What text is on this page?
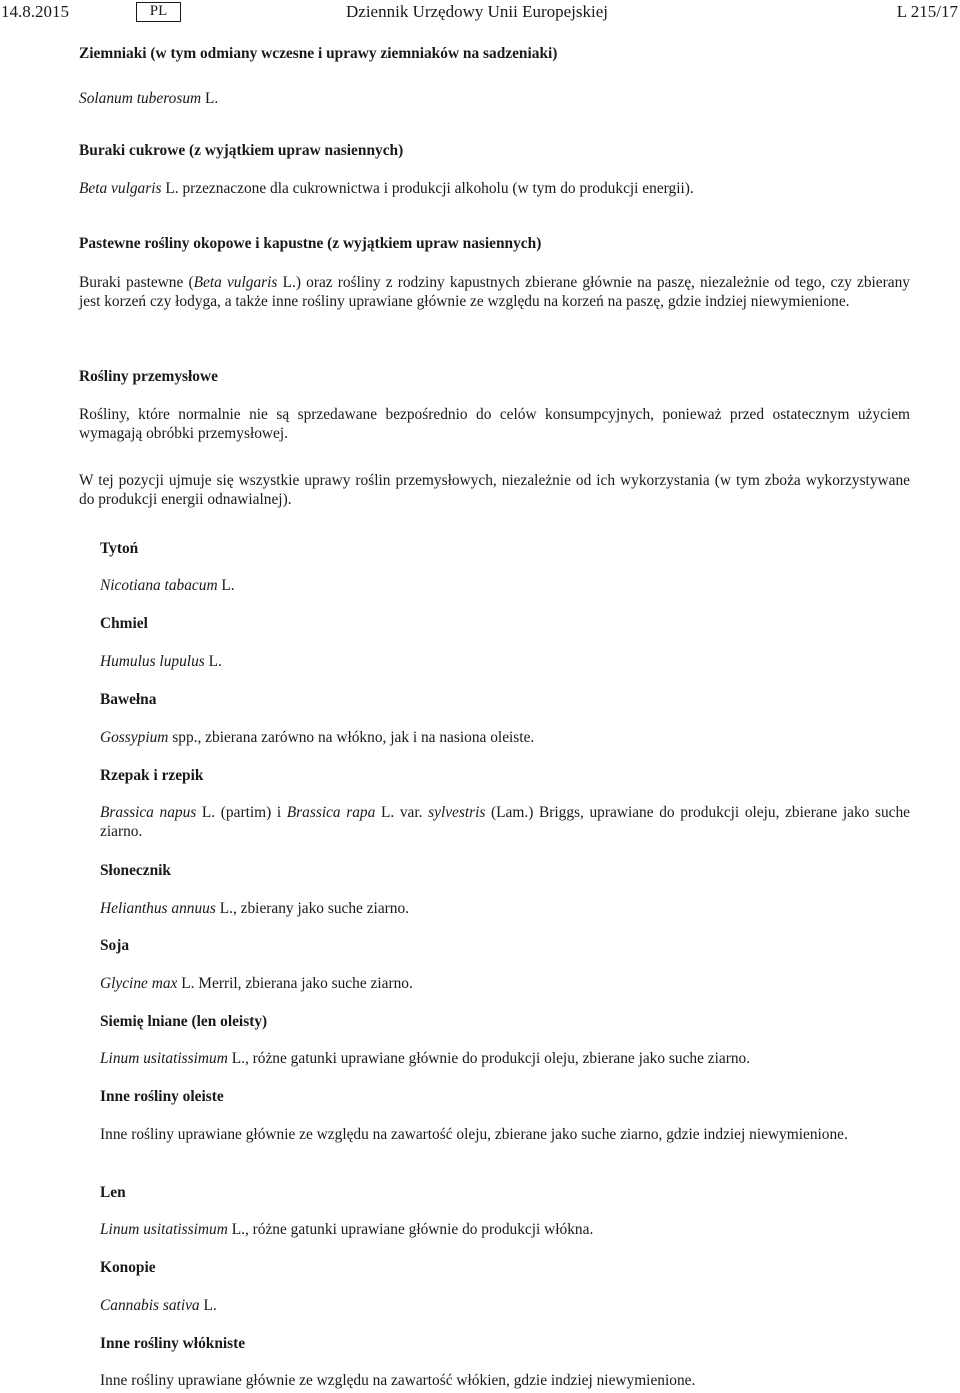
14.8.2015	PL	Dziennik Urzędowy Unii Europejskiej	L 215/17

Ziemniaki (w tym odmiany wczesne i uprawy ziemniaków na sadzeniaki)

Solanum tuberosum L.

Buraki cukrowe (z wyjątkiem upraw nasiennych)

Beta vulgaris L. przeznaczone dla cukrownictwa i produkcji alkoholu (w tym do produkcji energii).

Pastewne rośliny okopowe i kapustne (z wyjątkiem upraw nasiennych)

Buraki pastewne (Beta vulgaris L.) oraz rośliny z rodziny kapustnych zbierane głównie na paszę, niezależnie od tego, czy zbierany jest korzeń czy łodyga, a także inne rośliny uprawiane głównie ze względu na korzeń na paszę, gdzie indziej niewymienione.

Rośliny przemysłowe

Rośliny, które normalnie nie są sprzedawane bezpośrednio do celów konsumpcyjnych, ponieważ przed ostatecznym użyciem wymagają obróbki przemysłowej.

W tej pozycji ujmuje się wszystkie uprawy roślin przemysłowych, niezależnie od ich wykorzystania (w tym zboża wykorzystywane do produkcji energii odnawialnej).

Tytoń

Nicotiana tabacum L.

Chmiel

Humulus lupulus L.

Bawełna

Gossypium spp., zbierana zarówno na włókno, jak i na nasiona oleiste.

Rzepak i rzepik

Brassica napus L. (partim) i Brassica rapa L. var. sylvestris (Lam.) Briggs, uprawiane do produkcji oleju, zbierane jako suche ziarno.

Słonecznik

Helianthus annuus L., zbierany jako suche ziarno.

Soja

Glycine max L. Merril, zbierana jako suche ziarno.

Siemię lniane (len oleisty)

Linum usitatissimum L., różne gatunki uprawiane głównie do produkcji oleju, zbierane jako suche ziarno.

Inne rośliny oleiste

Inne rośliny uprawiane głównie ze względu na zawartość oleju, zbierane jako suche ziarno, gdzie indziej niewymienione.

Len

Linum usitatissimum L., różne gatunki uprawiane głównie do produkcji włókna.

Konopie

Cannabis sativa L.

Inne rośliny włókniste

Inne rośliny uprawiane głównie ze względu na zawartość włókien, gdzie indziej niewymienione.
